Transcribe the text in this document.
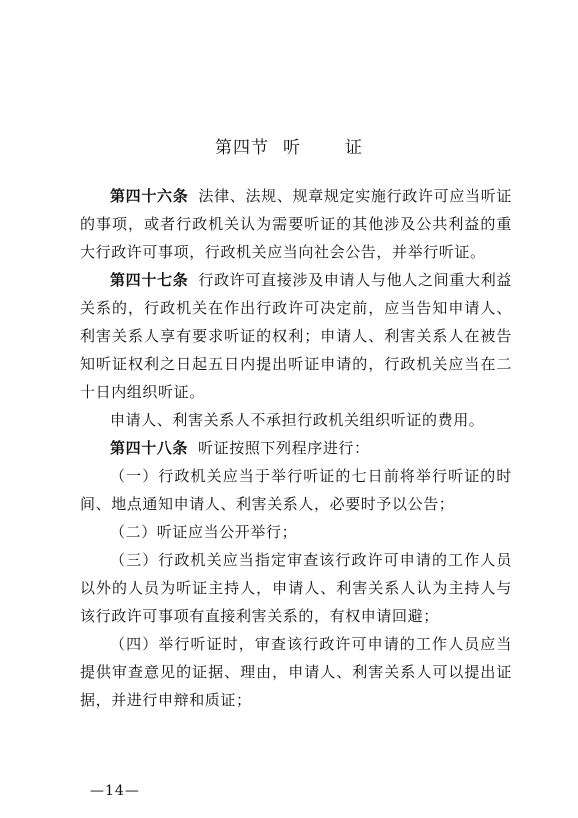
第四节 听	证

第四十六条 法律、法规、规章规定实施行政许可应当听证的事项，或者行政机关认为需要听证的其他涉及公共利益的重大行政许可事项，行政机关应当向社会公告，并举行听证。

第四十七条 行政许可直接涉及申请人与他人之间重大利益关系的，行政机关在作出行政许可决定前，应当告知申请人、利害关系人享有要求听证的权利；申请人、利害关系人在被告知听证权利之日起五日内提出听证申请的，行政机关应当在二十日内组织听证。

申请人、利害关系人不承担行政机关组织听证的费用。

第四十八条 听证按照下列程序进行：

（一）行政机关应当于举行听证的七日前将举行听证的时间、地点通知申请人、利害关系人，必要时予以公告；

（二）听证应当公开举行；

（三）行政机关应当指定审查该行政许可申请的工作人员以外的人员为听证主持人，申请人、利害关系人认为主持人与该行政许可事项有直接利害关系的，有权申请回避；

（四）举行听证时，审查该行政许可申请的工作人员应当提供审查意见的证据、理由，申请人、利害关系人可以提出证据，并进行申辩和质证；

—14—
